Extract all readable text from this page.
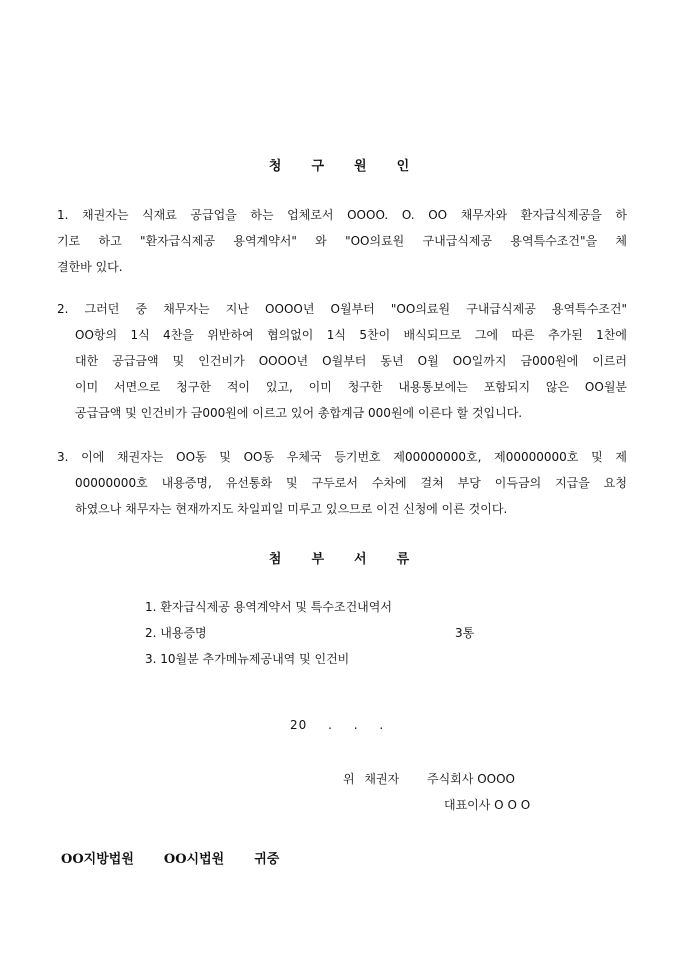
청 구 원 인
1. 채권자는 식재료 공급업을 하는 업체로서 OOOO. O. OO 채무자와 환자급식제공을 하
기로 하고 "환자급식제공 용역계약서" 와 "OO의료원 구내급식제공 용역특수조건"을 체
결한바 있다.
2. 그러던 중 채무자는 지난 OOOO년 O월부터 "OO의료원 구내급식제공 용역특수조건"
OO항의 1식 4찬을 위반하여 협의없이 1식 5찬이 배식되므로 그에 따른 추가된 1찬에
대한 공급금액 및 인건비가 OOOO년 O월부터 동년 O월 OO일까지 금000원에 이르러
이미 서면으로 청구한 적이 있고, 이미 청구한 내용통보에는 포함되지 않은 OO월분
공급금액 및 인건비가 금000원에 이르고 있어 총합계금 000원에 이른다 할 것입니다.
3. 이에 채권자는 OO동 및 OO동 우체국 등기번호 제00000000호, 제00000000호 및 제
00000000호 내용증명, 유선통화 및 구두로서 수차에 걸쳐 부당 이득금의 지급을 요청
하였으나 채무자는 현재까지도 차일피일 미루고 있으므로 이건 신청에 이른 것이다.
첨 부 서 류
1. 환자급식제공 용역계약서 및 특수조건내역서
2. 내용증명	3통
3. 10월분 추가메뉴제공내역 및 인건비
20 . . .
위 채권자 주식회사 OOOO
대표이사 O O O
OO지방법원 OO시법원 귀중
